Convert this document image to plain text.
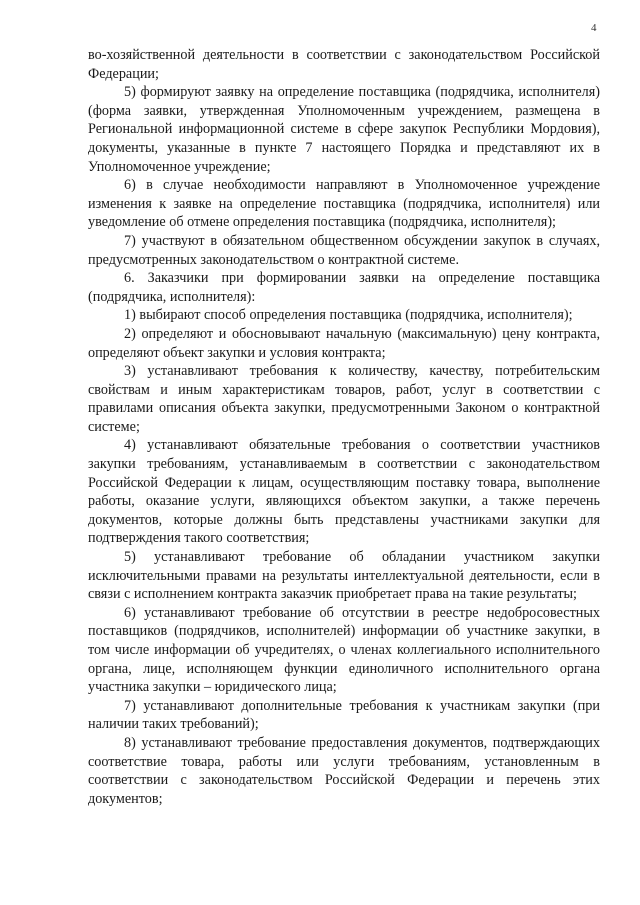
4

во-хозяйственной деятельности в соответствии с законодательством Российской Федерации;

5) формируют заявку на определение поставщика (подрядчика, исполнителя) (форма заявки, утвержденная Уполномоченным учреждением, размещена в Региональной информационной системе в сфере закупок Республики Мордовия), документы, указанные в пункте 7 настоящего Порядка и представляют их в Уполномоченное учреждение;

6) в случае необходимости направляют в Уполномоченное учреждение изменения к заявке на определение поставщика (подрядчика, исполнителя) или уведомление об отмене определения поставщика (подрядчика, исполнителя);

7) участвуют в обязательном общественном обсуждении закупок в случаях, предусмотренных законодательством о контрактной системе.

6. Заказчики при формировании заявки на определение поставщика (подрядчика, исполнителя):

1) выбирают способ определения поставщика (подрядчика, исполнителя);

2) определяют и обосновывают начальную (максимальную) цену контракта, определяют объект закупки и условия контракта;

3) устанавливают требования к количеству, качеству, потребительским свойствам и иным характеристикам товаров, работ, услуг в соответствии с правилами описания объекта закупки, предусмотренными Законом о контрактной системе;

4) устанавливают обязательные требования о соответствии участников закупки требованиям, устанавливаемым в соответствии с законодательством Российской Федерации к лицам, осуществляющим поставку товара, выполнение работы, оказание услуги, являющихся объектом закупки, а также перечень документов, которые должны быть представлены участниками закупки для подтверждения такого соответствия;

5) устанавливают требование об обладании участником закупки исключительными правами на результаты интеллектуальной деятельности, если в связи с исполнением контракта заказчик приобретает права на такие результаты;

6) устанавливают требование об отсутствии в реестре недобросовестных поставщиков (подрядчиков, исполнителей) информации об участнике закупки, в том числе информации об учредителях, о членах коллегиального исполнительного органа, лице, исполняющем функции единоличного исполнительного органа участника закупки – юридического лица;

7) устанавливают дополнительные требования к участникам закупки (при наличии таких требований);

8) устанавливают требование предоставления документов, подтверждающих соответствие товара, работы или услуги требованиям, установленным в соответствии с законодательством Российской Федерации и перечень этих документов;
